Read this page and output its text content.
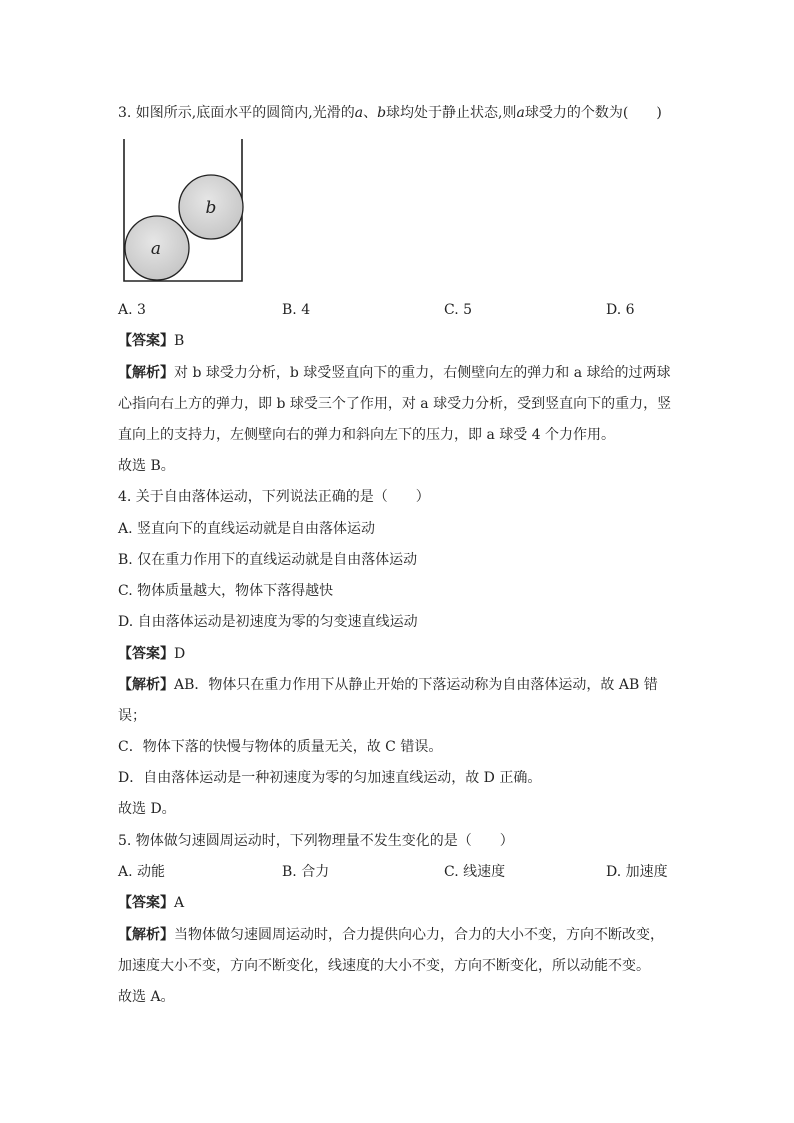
3. 如图所示,底面水平的圆筒内,光滑的a、b球均处于静止状态,则a球受力的个数为(　　)
b
a
A. 3	B. 4	C. 5	D. 6
【答案】B
【解析】对 b 球受力分析，b 球受竖直向下的重力，右侧壁向左的弹力和 a 球给的过两球
心指向右上方的弹力，即 b 球受三个了作用，对 a 球受力分析，受到竖直向下的重力，竖
直向上的支持力，左侧壁向右的弹力和斜向左下的压力，即 a 球受 4 个力作用。
故选 B。
4. 关于自由落体运动，下列说法正确的是（　　）
A. 竖直向下的直线运动就是自由落体运动
B. 仅在重力作用下的直线运动就是自由落体运动
C. 物体质量越大，物体下落得越快
D. 自由落体运动是初速度为零的匀变速直线运动
【答案】D
【解析】AB．物体只在重力作用下从静止开始的下落运动称为自由落体运动，故 AB 错
误；
C．物体下落的快慢与物体的质量无关，故 C 错误。
D．自由落体运动是一种初速度为零的匀加速直线运动，故 D 正确。
故选 D。
5. 物体做匀速圆周运动时，下列物理量不发生变化的是（　　）
A. 动能	B. 合力	C. 线速度	D. 加速度
【答案】A
【解析】当物体做匀速圆周运动时，合力提供向心力，合力的大小不变，方向不断改变，
加速度大小不变，方向不断变化，线速度的大小不变，方向不断变化，所以动能不变。
故选 A。
